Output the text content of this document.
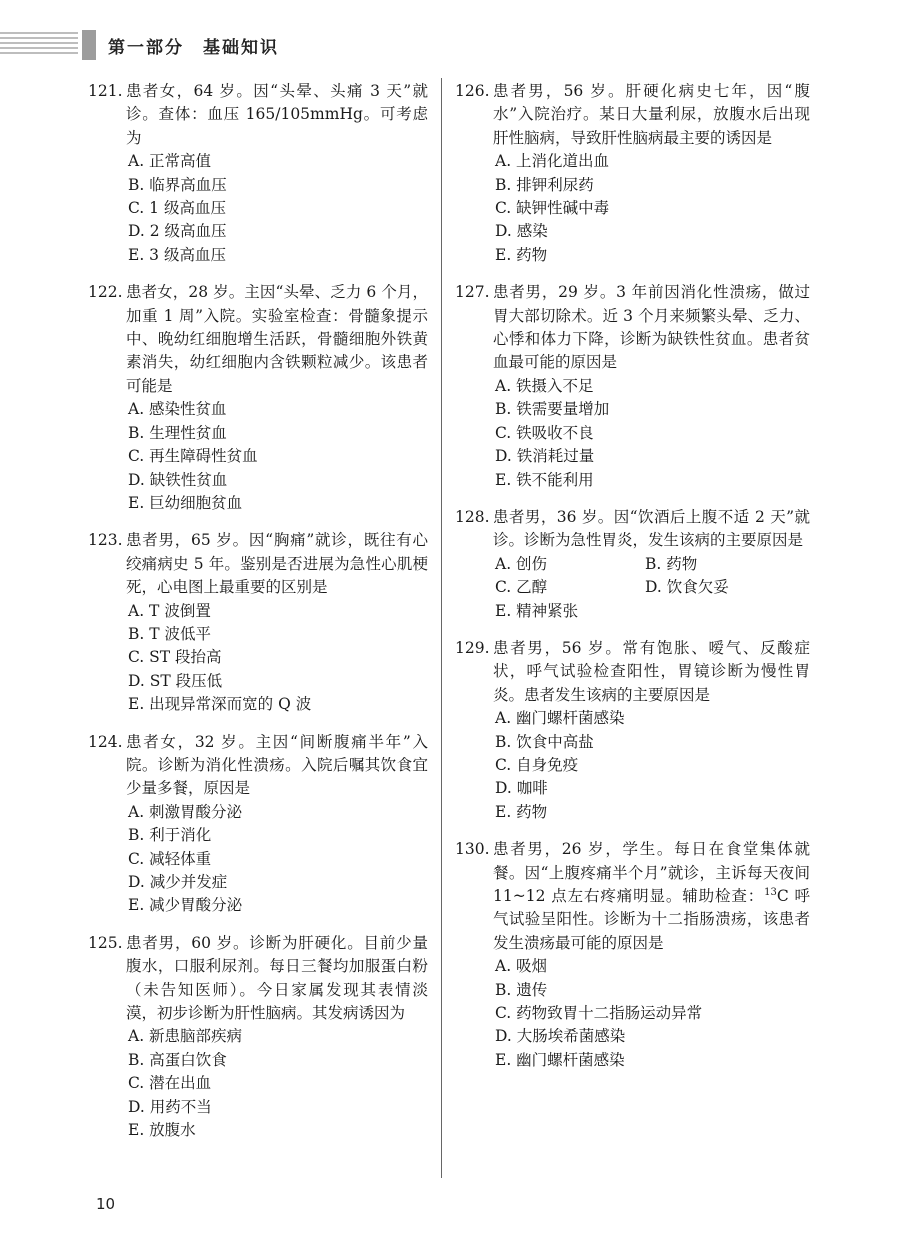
第一部分　基础知识
121. 患者女，64 岁。因“头晕、头痛 3 天”就诊。查体：血压 165/105mmHg。可考虑为
A. 正常高值
B. 临界高血压
C. 1 级高血压
D. 2 级高血压
E. 3 级高血压
122. 患者女，28 岁。主因“头晕、乏力 6 个月，加重 1 周”入院。实验室检查：骨髓象提示中、晚幼红细胞增生活跃，骨髓细胞外铁黄素消失，幼红细胞内含铁颗粒减少。该患者可能是
A. 感染性贫血
B. 生理性贫血
C. 再生障碍性贫血
D. 缺铁性贫血
E. 巨幼细胞贫血
123. 患者男，65 岁。因“胸痛”就诊，既往有心绞痛病史 5 年。鉴别是否进展为急性心肌梗死，心电图上最重要的区别是
A. T 波倒置
B. T 波低平
C. ST 段抬高
D. ST 段压低
E. 出现异常深而宽的 Q 波
124. 患者女，32 岁。主因“间断腹痛半年”入院。诊断为消化性溃疡。入院后嘱其饮食宜少量多餐，原因是
A. 刺激胃酸分泌
B. 利于消化
C. 减轻体重
D. 减少并发症
E. 减少胃酸分泌
125. 患者男，60 岁。诊断为肝硬化。目前少量腹水，口服利尿剂。每日三餐均加服蛋白粉（未告知医师）。今日家属发现其表情淡漠，初步诊断为肝性脑病。其发病诱因为
A. 新患脑部疾病
B. 高蛋白饮食
C. 潜在出血
D. 用药不当
E. 放腹水
126. 患者男，56 岁。肝硬化病史七年，因“腹水”入院治疗。某日大量利尿，放腹水后出现肝性脑病，导致肝性脑病最主要的诱因是
A. 上消化道出血
B. 排钾利尿药
C. 缺钾性碱中毒
D. 感染
E. 药物
127. 患者男，29 岁。3 年前因消化性溃疡，做过胃大部切除术。近 3 个月来频繁头晕、乏力、心悸和体力下降，诊断为缺铁性贫血。患者贫血最可能的原因是
A. 铁摄入不足
B. 铁需要量增加
C. 铁吸收不良
D. 铁消耗过量
E. 铁不能利用
128. 患者男，36 岁。因“饮酒后上腹不适 2 天”就诊。诊断为急性胃炎，发生该病的主要原因是
A. 创伤	B. 药物 C. 乙醇	D. 饮食欠妥
E. 精神紧张
129. 患者男，56 岁。常有饱胀、嗳气、反酸症状，呼气试验检查阳性，胃镜诊断为慢性胃炎。患者发生该病的主要原因是
A. 幽门螺杆菌感染
B. 饮食中高盐
C. 自身免疫
D. 咖啡
E. 药物
130. 患者男，26 岁，学生。每日在食堂集体就餐。因“上腹疼痛半个月”就诊，主诉每天夜间 11~12 点左右疼痛明显。辅助检查：$^{13}$C 呼气试验呈阳性。诊断为十二指肠溃疡，该患者发生溃疡最可能的原因是
A. 吸烟
B. 遗传
C. 药物致胃十二指肠运动异常
D. 大肠埃希菌感染
E. 幽门螺杆菌感染
10
